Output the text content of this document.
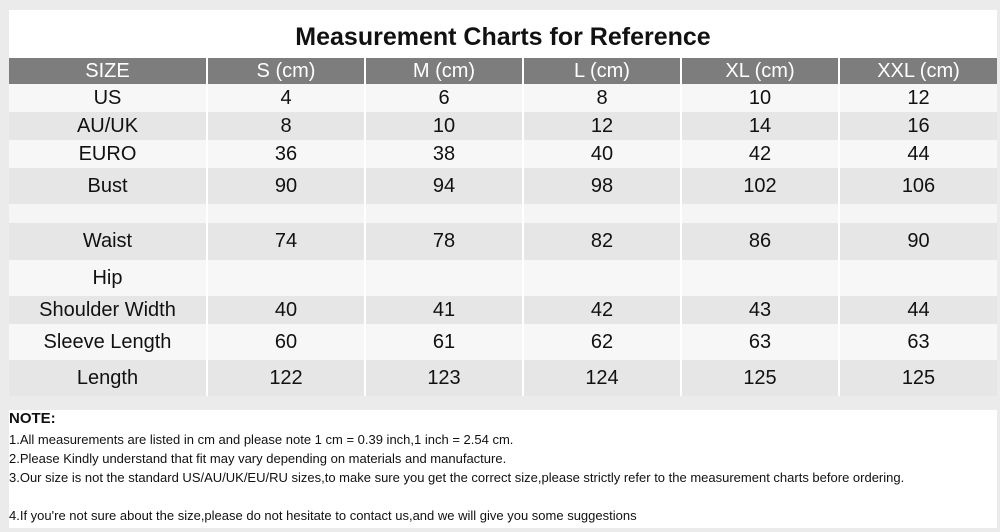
Measurement Charts for Reference
SIZE	S (cm)	M (cm)	L (cm)	XL (cm)	XXL (cm)
US	4	6	8	10	12
AU/UK	8	10	12	14	16
EURO	36	38	40	42	44
Bust	90	94	98	102	106

Waist	74	78	82	86	90
Hip					
Shoulder Width	40	41	42	43	44
Sleeve Length	60	61	62	63	63
Length	122	123	124	125	125
NOTE:
1.All measurements are listed in cm and please note 1 cm = 0.39 inch,1 inch = 2.54 cm.
2.Please Kindly understand that fit may vary depending on materials and manufacture.
3.Our size is not the standard US/AU/UK/EU/RU sizes,to make sure you get the correct size,please strictly refer to the measurement charts before ordering.
4.If you're not sure about the size,please do not hesitate to contact us,and we will give you some suggestions
